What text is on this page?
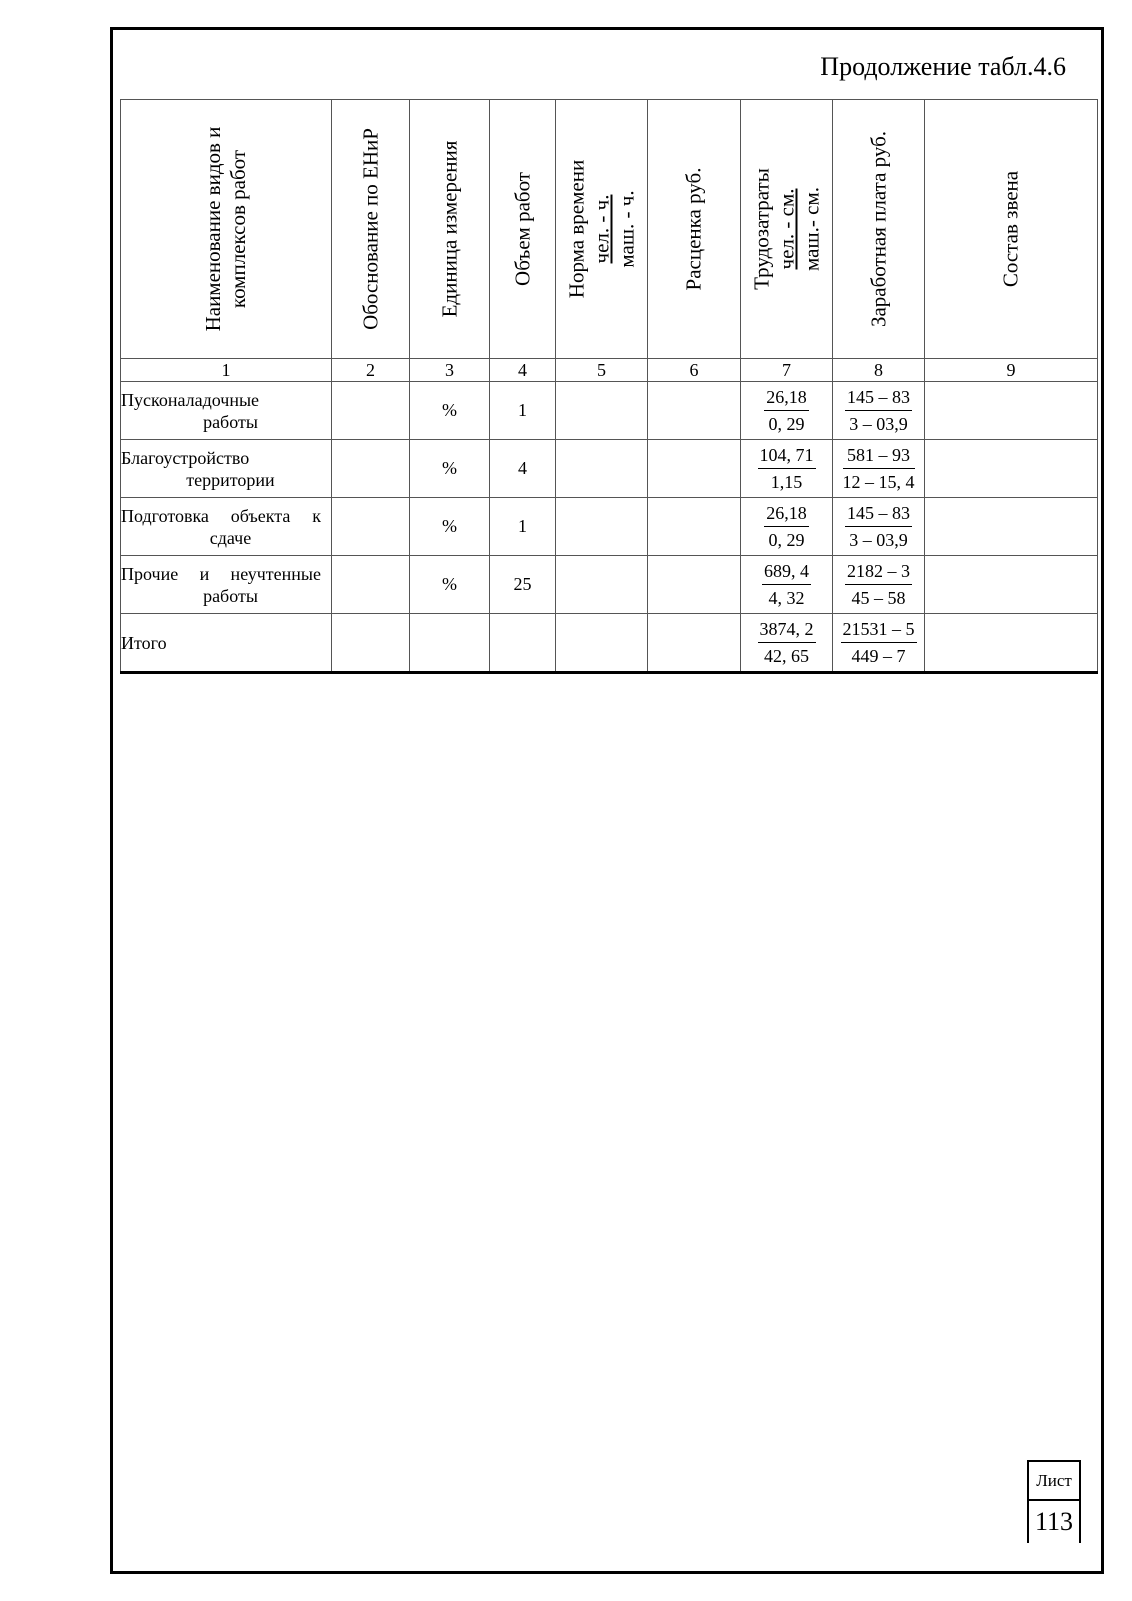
Продолжение табл.4.6
Наименование видов и комплексов работ	Обоснование по ЕНиР	Единица измерения	Объем работ	Норма времени чел. - ч. маш. - ч.	Расценка руб.	Трудозатраты чел. - см. маш.- см.	Заработная плата руб.	Состав звена

1	2	3	4	5	6	7	8	9

Пусконаладочные
работы		%	1			$\frac{26,18}{0, 29}$	$\frac{145 - 83}{3 - 03,9}$

Благоустройство
территории		%	4			$\frac{104, 71}{1,15}$	$\frac{581 - 93}{12 - 15, 4}$

Подготовка объекта к
сдаче		%	1			$\frac{26,18}{0, 29}$	$\frac{145 - 83}{3 - 03,9}$

Прочие и неучтенные
работы		%	25			$\frac{689, 4}{4, 32}$	$\frac{2182 - 3}{45 - 58}$

Итого						$\frac{3874, 2}{42, 65}$	$\frac{21531 - 5}{449 - 7}$

Лист
113
